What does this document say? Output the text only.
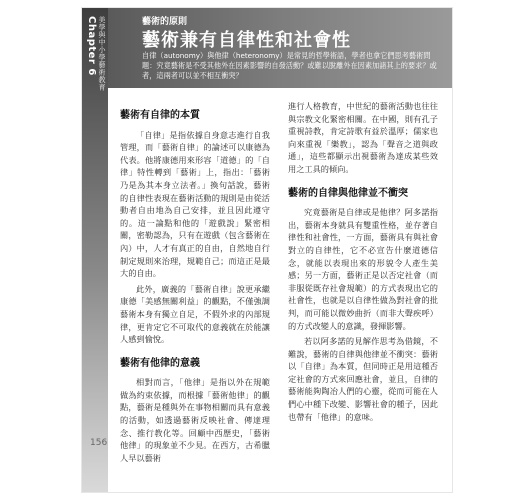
Chapter 6 美學與中小學藝術教育	藝術的原則
藝術兼有自律性和社會性
自律（autonomy）與他律（heteronomy）是常見的哲學術語，學者也拿它們思考藝術問題：究竟藝術是不受其他外在因素影響的自發活動？或難以脫離外在因素加諸其上的要求？或者，這兩者可以並不相互衝突？
藝術有自律的本質

「自律」是指依據自身意志進行自我管理，而「藝術自律」的論述可以康德為代表。他將康德用來形容「道德」的「自律」特性轉到「藝術」上，指出：「藝術乃是為其本身立法者。」換句話說，藝術的自律性表現在藝術活動的規則是由從活動者自由地為自己安排，並且因此遵守的。這一論點和他的「遊戲說」緊密相關，密勒認為，只有在遊戲（包含藝術在內）中，人才有真正的自由，自然地自行制定規則來治理，規範自己；而這正是最大的自由。

此外，廣義的「藝術自律」說更承繼康德「美感無關利益」的觀點，不僅強調藝術本身有獨立自足，不假外求的內部規律，更肯定它不可取代的意義就在於能讓人感到愉悅。

藝術有他律的意義

相對而言，「他律」是指以外在規範做為約束依據，而根據「藝術他律」的觀點，藝術是種與外在事物相關而具有意義的活動，如透過藝術反映社會、傳達理念、推行教化等。回顧中西歷史，「藝術他律」的現象並不少見。在西方，古希臘人早以藝術

進行人格教育，中世紀的藝術活動也往往與宗教文化緊密相關。在中國，則有孔子重視詩教，肯定詩歌有益於溫厚；儒家也向來重視「樂教」，認為「聲音之道與政通」，這些都顯示出視藝術為達成某些效用之工具的傾向。

藝術的自律與他律並不衝突

究竟藝術是自律或是他律？阿多諾指出，藝術本身就具有雙重性格，並存著自律性和社會性，一方面，藝術具有與社會對立的自律性，它不必宣告什麼道德信念，就能以表現出來的形貌令人產生美感；另一方面，藝術正是以否定社會（而非服從既存社會規範）的方式表現出它的社會性，也就是以自律性做為對社會的批判，而可能以微妙曲折（而非大聲疾呼）的方式改變人的意識，發揮影響。

若以阿多諾的見解作思考為借鏡，不難說，藝術的自律與他律並不衝突：藝術以「自律」為本質，但同時正是用這種否定社會的方式來回應社會，並且，自律的藝術能夠陶冶人們的心靈，從而可能在人們心中種下改變、影響社會的種子，因此也帶有「他律」的意味。

156
